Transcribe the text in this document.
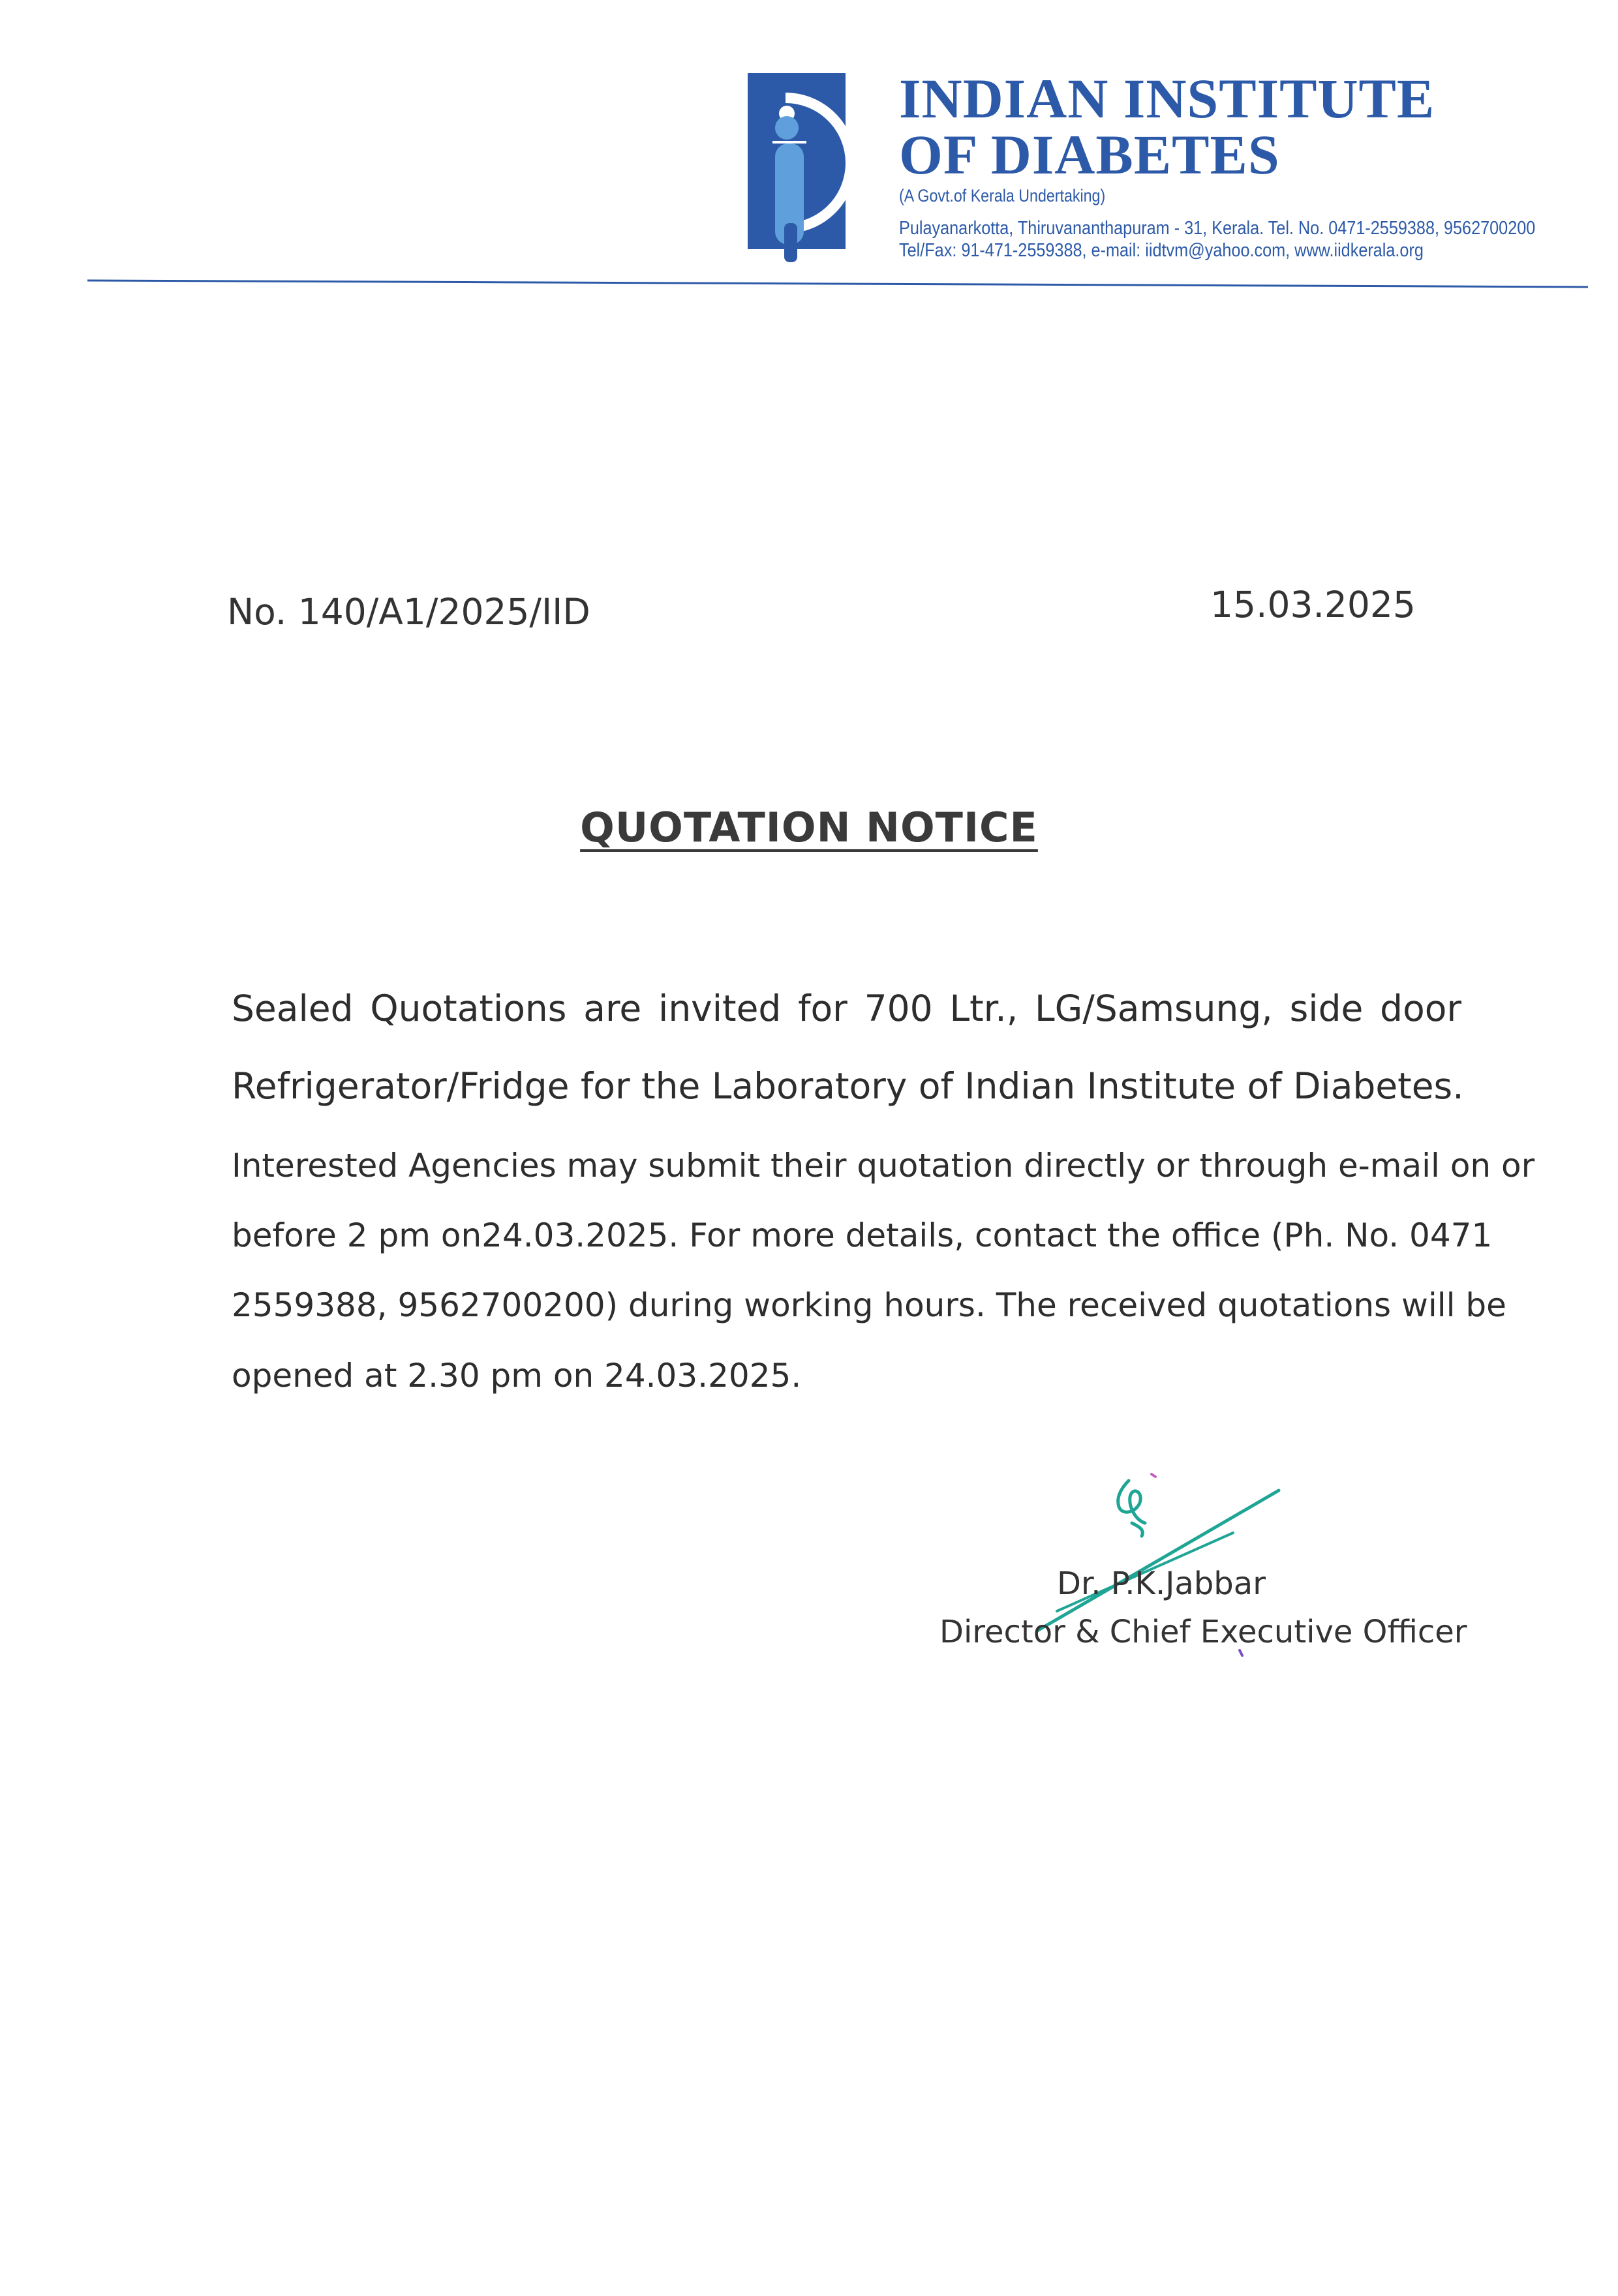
INDIAN INSTITUTE
OF DIABETES
(A Govt.of Kerala Undertaking)
Pulayanarkotta, Thiruvananthapuram - 31, Kerala. Tel. No. 0471-2559388, 9562700200
Tel/Fax: 91-471-2559388, e-mail: iidtvm@yahoo.com, www.iidkerala.org
No. 140/A1/2025/IID	15.03.2025
QUOTATION NOTICE
Sealed Quotations are invited for 700 Ltr., LG/Samsung, side door
Refrigerator/Fridge for the Laboratory of Indian Institute of Diabetes.
Interested Agencies may submit their quotation directly or through e-mail on or
before 2 pm on24.03.2025. For more details, contact the office (Ph. No. 0471
2559388, 9562700200) during working hours. The received quotations will be
opened at 2.30 pm on 24.03.2025.
Dr. P.K.Jabbar
Director & Chief Executive Officer
